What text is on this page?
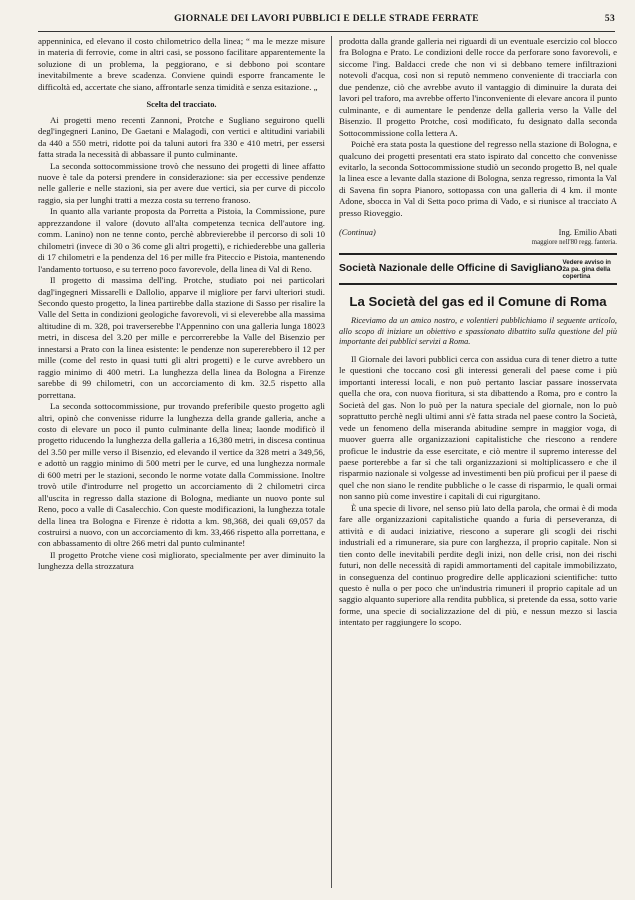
GIORNALE DEI LAVORI PUBBLICI E DELLE STRADE FERRATE	53

appenninica, ed elevano il costo chilometrico della linea; “ ma le mezze misure in materia di ferrovie, come in altri casi, se possono facilitare apparentemente la soluzione di un problema, la peggiorano, e si debbono poi scontare inevitabilmente a breve scadenza. Conviene quindi esporre francamente le difficoltà ed, accertate che siano, affrontarle senza timidità e senza esitazione. „

Scelta del tracciato.

Ai progetti meno recenti Zannoni, Protche e Sugliano seguirono quelli degl'ingegneri Lanino, De Gaetani e Malagodi, con vertici e altitudini variabili da 440 a 550 metri, ridotte poi da taluni autori fra 330 e 410 metri, per essersi fatta strada la necessità di abbassare il punto culminante.

La seconda sottocommissione trovò che nessuno dei progetti di linee affatto nuove è tale da potersi prendere in considerazione: sia per eccessive pendenze nelle gallerie e nelle stazioni, sia per avere due vertici, sia per curve di piccolo raggio, sia per lunghi tratti a mezza costa su terreno franoso.

In quanto alla variante proposta da Porretta a Pistoia, la Commissione, pure apprezzandone il valore (dovuto all'alta competenza tecnica dell'autore ing. comm. Lanino) non ne tenne conto, perchè abbrevierebbe il percorso di soli 10 chilometri (invece di 30 o 36 come gli altri progetti), e richiederebbe una galleria di 17 chilometri e la pendenza del 16 per mille fra Piteccio e Pistoia, mantenendo l'andamento tortuoso, e su terreno poco favorevole, della linea di Val di Reno.

Il progetto di massima dell'ing. Protche, studiato poi nei particolari dagl'ingegneri Missarelli e Dallolio, apparve il migliore per farvi ulteriori studi. Secondo questo progetto, la linea partirebbe dalla stazione di Sasso per risalire la Valle del Setta in condizioni geologiche favorevoli, vi si eleverebbe alla massima altitudine di m. 328, poi traverserebbe l'Appennino con una galleria lunga 18023 metri, in discesa del 3.20 per mille e percorrerebbe la Valle del Bisenzio per innestarsi a Prato con la linea esistente: le pendenze non supererebbero il 12 per mille (come del resto in quasi tutti gli altri progetti) e le curve avrebbero un raggio minimo di 400 metri. La lunghezza della linea da Bologna a Firenze sarebbe di 99 chilometri, con un accorciamento di km. 32.5 rispetto alla porrettana.

La seconda sottocommissione, pur trovando preferibile questo progetto agli altri, opinò che convenisse ridurre la lunghezza della grande galleria, anche a costo di elevare un poco il punto culminante della linea; laonde modificò il progetto riducendo la lunghezza della galleria a 16,380 metri, in discesa continua del 3.50 per mille verso il Bisenzio, ed elevando il vertice da 328 metri a 349,56, e adottò un raggio minimo di 500 metri per le curve, ed una lunghezza normale di 600 metri per le stazioni, secondo le norme votate dalla Commissione. Inoltre trovò utile d'introdurre nel progetto un accorciamento di 2 chilometri circa all'uscita in regresso dalla stazione di Bologna, mediante un nuovo ponte sul Reno, poco a valle di Casalecchio. Con queste modificazioni, la lunghezza totale della linea tra Bologna e Firenze è ridotta a km. 98,368, dei quali 69,057 da costruirsi a nuovo, con un accorciamento di km. 33,466 rispetto alla porrettana, e con abbassamento di oltre 266 metri dal punto culminante!

Il progetto Protche viene così migliorato, specialmente per aver diminuito la lunghezza della strozzatura

prodotta dalla grande galleria nei riguardi di un eventuale esercizio col blocco fra Bologna e Prato. Le condizioni delle rocce da perforare sono favorevoli, e siccome l'ing. Baldacci crede che non vi si debbano temere infiltrazioni notevoli d'acqua, così non si reputò nemmeno conveniente di tracciarla con due pendenze, ciò che avrebbe avuto il vantaggio di diminuire la durata dei lavori pel traforo, ma avrebbe offerto l'inconveniente di elevare ancora il punto culminante, e di aumentare le pendenze della galleria verso la Valle del Bisenzio. Il progetto Protche, così modificato, fu designato dalla seconda Sottocommissione colla lettera A.

Poichè era stata posta la questione del regresso nella stazione di Bologna, e qualcuno dei progetti presentati era stato ispirato dal concetto che convenisse evitarlo, la seconda Sottocommissione studiò un secondo progetto B, nel quale la linea esce a levante dalla stazione di Bologna, senza regresso, rimonta la Val di Savena fin sopra Pianoro, sottopassa con una galleria di 4 km. il monte Adone, sbocca in Val di Setta poco prima di Vado, e si riunisce al tracciato A presso Rioveggio.

(Continua)	Ing. Emilio Abati
maggiore nell'80 regg. fanteria.
Società Nazionale delle Officine di Savigliano
Vedere avviso in 2a pa. gina della copertina
La Società del gas ed il Comune di Roma

Riceviamo da un amico nostro, e volentieri pubblichiamo il seguente articolo, allo scopo di iniziare un obiettivo e spassionato dibattito sulla questione del più importante dei pubblici servizi a Roma.

Il Giornale dei lavori pubblici cerca con assidua cura di tener dietro a tutte le questioni che toccano così gli interessi generali del paese come i più importanti interessi locali, e non può pertanto lasciar passare inosservata quella che ora, con nuova fioritura, si sta dibattendo a Roma, pro e contro la Società del gas. Non lo può per la natura speciale del giornale, non lo può soprattutto perchè negli ultimi anni s'è fatta strada nel paese contro la Società, vede un fenomeno della miseranda abitudine sempre in maggior voga, di muover guerra alle organizzazioni capitalistiche che riescono a rendere proficue le industrie da esse esercitate, e ciò mentre il supremo interesse del paese porterebbe a far sì che tali organizzazioni si moltiplicassero e che il risparmio nazionale si volgesse ad investimenti ben più proficui per il paese di quel che non siano le rendite pubbliche o le casse di risparmio, le quali ormai non sanno più come investire i capitali di cui rigurgitano.

È una specie di livore, nel senso più lato della parola, che ormai è di moda fare alle organizzazioni capitalistiche quando a furia di perseveranza, di attività e di audaci iniziative, riescono a superare gli scogli dei rischi industriali ed a rimunerare, sia pure con larghezza, il proprio capitale. Non si tien conto delle inevitabili perdite degli inizi, non delle crisi, non dei rischi futuri, non delle necessità di rapidi ammortamenti del capitale immobilizzato, in conseguenza del continuo progredire delle applicazioni scientifiche: tutto questo è nulla o per poco che un'industria rimuneri il proprio capitale ad un saggio alquanto superiore alla rendita pubblica, si pretende da essa, sotto varie forme, una specie di socializzazione del di più, e nessun mezzo si lascia intentato per raggiungere lo scopo.
